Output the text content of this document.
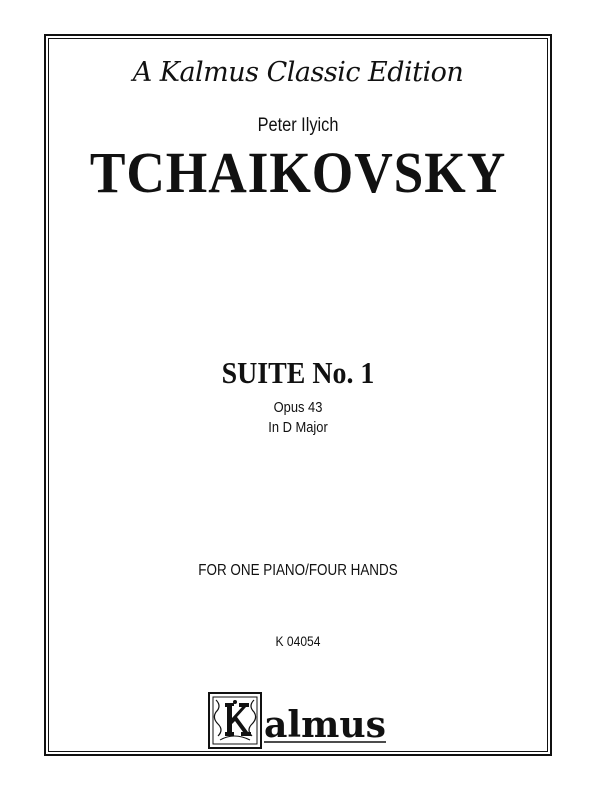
A Kalmus Classic Edition
Peter Ilyich
TCHAIKOVSKY
SUITE No. 1
Opus 43
In D Major
FOR ONE PIANO/FOUR HANDS
K 04054
almus
